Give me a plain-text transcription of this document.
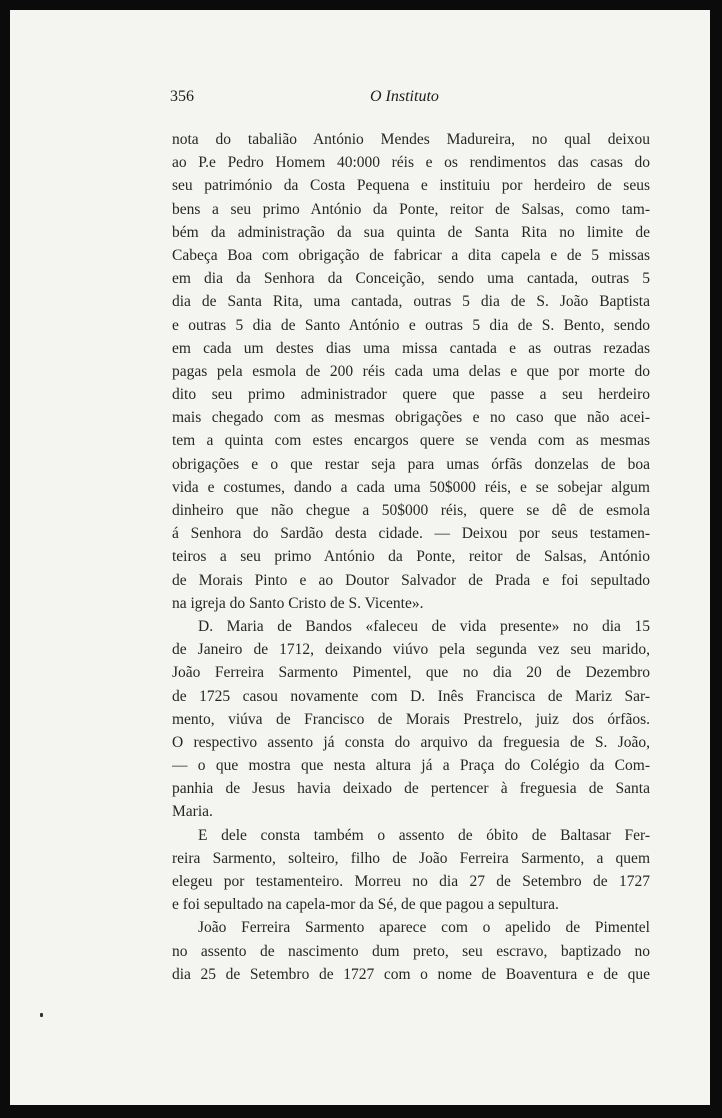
356	O Instituto
nota do tabalião António Mendes Madureira, no qual deixou
ao P.e Pedro Homem 40:000 réis e os rendimentos das casas do
seu património da Costa Pequena e instituiu por herdeiro de seus
bens a seu primo António da Ponte, reitor de Salsas, como tam-
bém da administração da sua quinta de Santa Rita no limite de
Cabeça Boa com obrigação de fabricar a dita capela e de 5 missas
em dia da Senhora da Conceição, sendo uma cantada, outras 5
dia de Santa Rita, uma cantada, outras 5 dia de S. João Baptista
e outras 5 dia de Santo António e outras 5 dia de S. Bento, sendo
em cada um destes dias uma missa cantada e as outras rezadas
pagas pela esmola de 200 réis cada uma delas e que por morte do
dito seu primo administrador quere que passe a seu herdeiro
mais chegado com as mesmas obrigações e no caso que não acei-
tem a quinta com estes encargos quere se venda com as mesmas
obrigações e o que restar seja para umas órfãs donzelas de boa
vida e costumes, dando a cada uma 50$000 réis, e se sobejar algum
dinheiro que não chegue a 50$000 réis, quere se dê de esmola
á Senhora do Sardão desta cidade. — Deixou por seus testamen-
teiros a seu primo António da Ponte, reitor de Salsas, António
de Morais Pinto e ao Doutor Salvador de Prada e foi sepultado
na igreja do Santo Cristo de S. Vicente».
D. Maria de Bandos «faleceu de vida presente» no dia 15
de Janeiro de 1712, deixando viúvo pela segunda vez seu marido,
João Ferreira Sarmento Pimentel, que no dia 20 de Dezembro
de 1725 casou novamente com D. Inês Francisca de Mariz Sar-
mento, viúva de Francisco de Morais Prestrelo, juiz dos órfãos.
O respectivo assento já consta do arquivo da freguesia de S. João,
— o que mostra que nesta altura já a Praça do Colégio da Com-
panhia de Jesus havia deixado de pertencer à freguesia de Santa
Maria.
E dele consta também o assento de óbito de Baltasar Fer-
reira Sarmento, solteiro, filho de João Ferreira Sarmento, a quem
elegeu por testamenteiro. Morreu no dia 27 de Setembro de 1727
e foi sepultado na capela-mor da Sé, de que pagou a sepultura.
João Ferreira Sarmento aparece com o apelido de Pimentel
no assento de nascimento dum preto, seu escravo, baptizado no
dia 25 de Setembro de 1727 com o nome de Boaventura e de que
